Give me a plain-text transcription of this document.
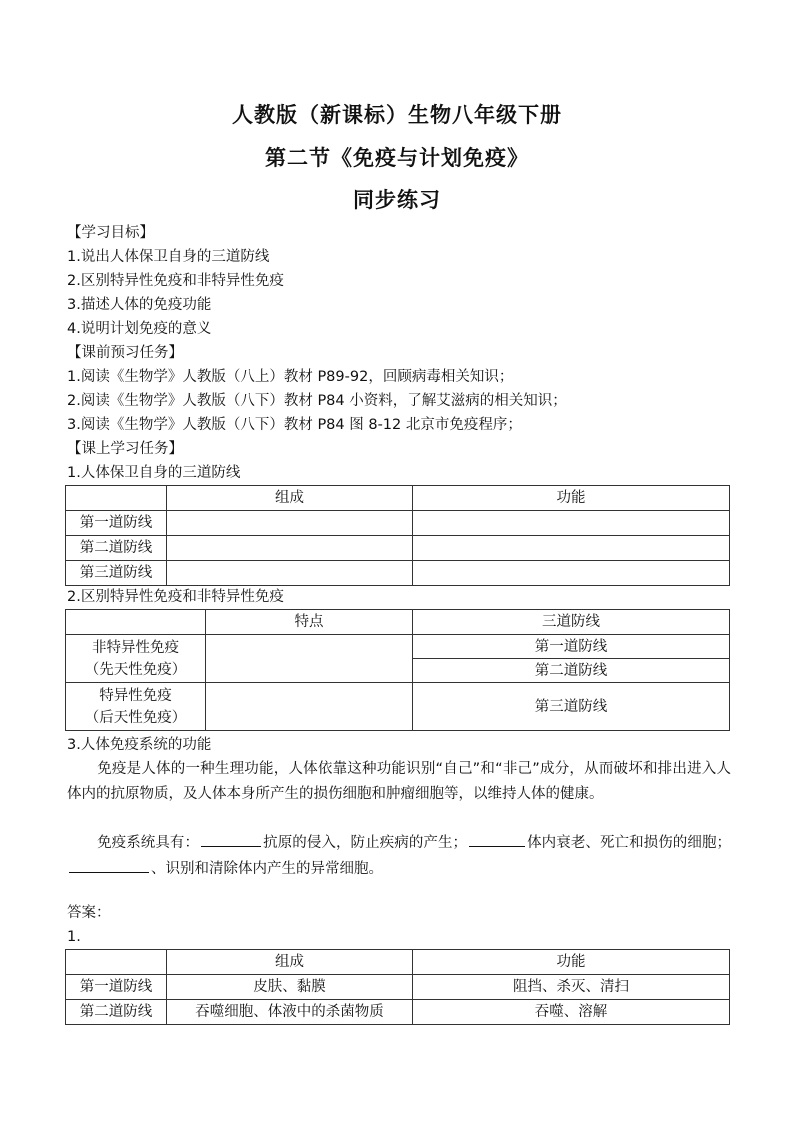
人教版（新课标）生物八年级下册
第二节《免疫与计划免疫》
同步练习
【学习目标】
1.说出人体保卫自身的三道防线
2.区别特异性免疫和非特异性免疫
3.描述人体的免疫功能
4.说明计划免疫的意义
【课前预习任务】
1.阅读《生物学》人教版（八上）教材 P89-92，回顾病毒相关知识；
2.阅读《生物学》人教版（八下）教材 P84 小资料，了解艾滋病的相关知识；
3.阅读《生物学》人教版（八下）教材 P84 图 8-12 北京市免疫程序；
【课上学习任务】
1.人体保卫自身的三道防线
	组成	功能
第一道防线		
第二道防线		
第三道防线		
2.区别特异性免疫和非特异性免疫
	特点	三道防线

非特异性免疫
（先天性免疫）		第一道防线
		第二道防线

特异性免疫
（后天性免疫）		第三道防线
3.人体免疫系统的功能
免疫是人体的一种生理功能，人体依靠这种功能识别“自己”和“非己”成分，从而破坏和排出进入人体内的抗原物质，及人体本身所产生的损伤细胞和肿瘤细胞等，以维持人体的健康。
免疫系统具有：	抗原的侵入，防止疾病的产生；	体内衰老、死亡和损伤的细胞；、识别和清除体内产生的异常细胞。
答案：
1.
	组成	功能
第一道防线	皮肤、黏膜	阻挡、杀灭、清扫
第二道防线	吞噬细胞、体液中的杀菌物质	吞噬、溶解
